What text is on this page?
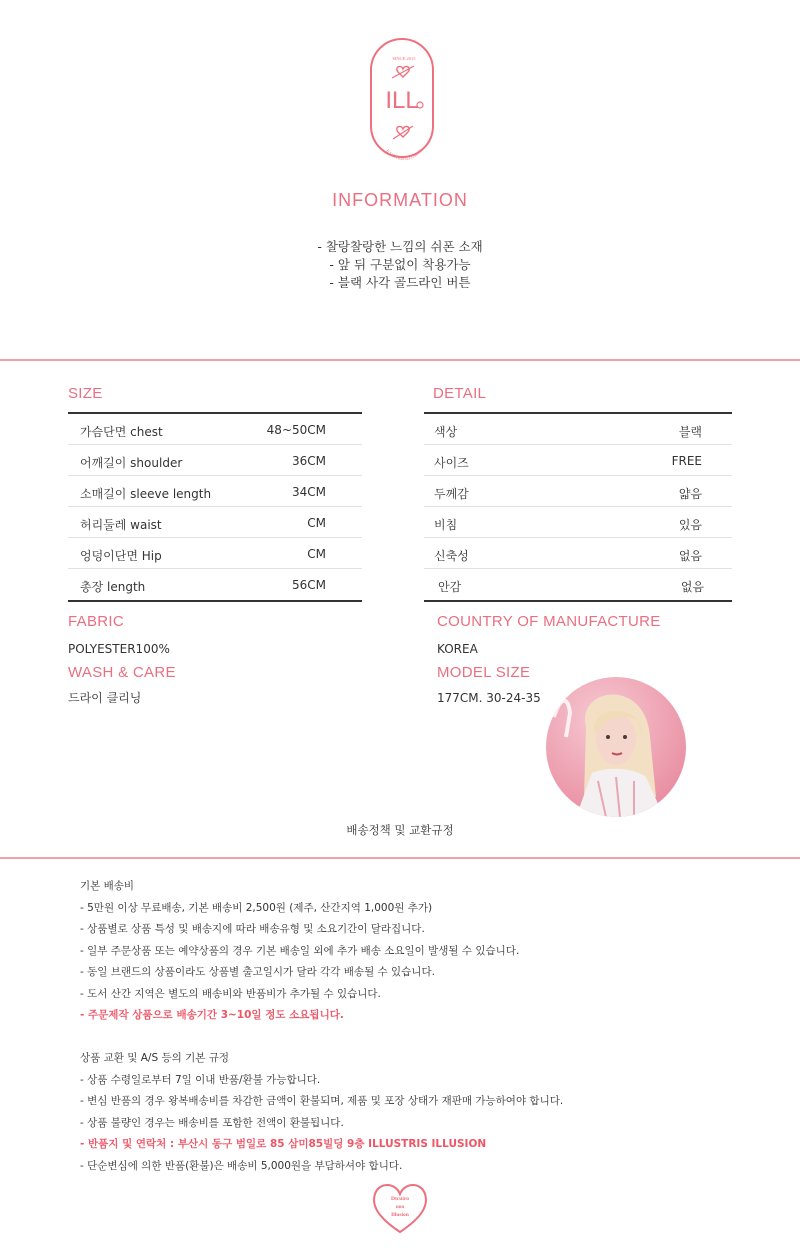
SINCE 2015
ILL
ILLUSTRIS ILLUSION
INFORMATION
- 찰랑찰랑한 느낌의 쉬폰 소재
- 앞 뒤 구분없이 착용가능
- 블랙 사각 골드라인 버튼
SIZE
가슴단면 chest	48~50CM
어깨길이 shoulder	36CM
소매길이 sleeve length	34CM
허리둘레 waist	CM
엉덩이단면 Hip	CM
총장 length	56CM
DETAIL
색상	블랙
사이즈	FREE
두께감	얇음
비침	있음
신축성	없음
안감	없음
FABRIC
POLYESTER100%
WASH & CARE
드라이 클리닝
COUNTRY OF MANUFACTURE
KOREA
MODEL SIZE
177CM. 30-24-35
배송정책 및 교환규정
기본 배송비
- 5만원 이상 무료배송, 기본 배송비 2,500원 (제주, 산간지역 1,000원 추가)
- 상품별로 상품 특성 및 배송지에 따라 배송유형 및 소요기간이 달라집니다.
- 일부 주문상품 또는 예약상품의 경우 기본 배송일 외에 추가 배송 소요일이 발생될 수 있습니다.
- 동일 브랜드의 상품이라도 상품별 출고일시가 달라 각각 배송될 수 있습니다.
- 도서 산간 지역은 별도의 배송비와 반품비가 추가될 수 있습니다.
- 주문제작 상품으로 배송기간 3~10일 정도 소요됩니다.
상품 교환 및 A/S 등의 기본 규정
- 상품 수령일로부터 7일 이내 반품/환불 가능합니다.
- 변심 반품의 경우 왕복배송비를 차감한 금액이 환불되며, 제품 및 포장 상태가 재판매 가능하여야 합니다.
- 상품 불량인 경우는 배송비를 포함한 전액이 환불됩니다.
- 반품지 및 연락처 : 부산시 동구 범일로 85 삼미85빌딩 9층 ILLUSTRIS ILLUSION
- 단순변심에 의한 반품(환불)은 배송비 5,000원을 부담하셔야 합니다.
Dtcuiro
uoo
Illusion
